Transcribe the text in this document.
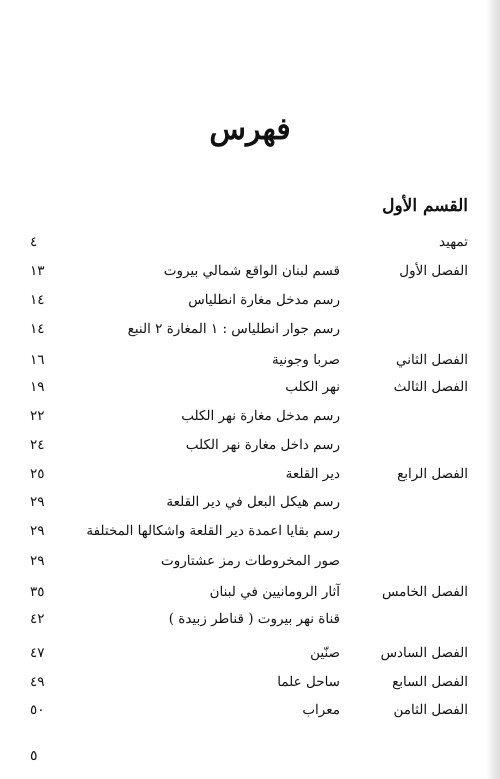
فهرس
القسم الأول
تمهيد
٤
الفصل الأول
قسم لبنان الواقع شمالي بيروت
١٣
رسم مدخل مغارة انطلياس
١٤
رسم جوار انطلياس : ١ المغارة ٢ النبع
١٤
الفصل الثاني
صربا وجونية
١٦
الفصل الثالث
نهر الكلب
١٩
رسم مدخل مغارة نهر الكلب
٢٢
رسم داخل مغارة نهر الكلب
٢٤
الفصل الرابع
دير القلعة
٢٥
رسم هيكل البعل في دير القلعة
٢٩
رسم بقايا اعمدة دير القلعة واشكالها المختلفة
٢٩
صور المخروطات رمز عشتاروت
٢٩
الفصل الخامس
آثار الرومانيين في لبنان
٣٥
قناة نهر بيروت ( قناطر زبيدة )
٤٢
الفصل السادس
صنّين
٤٧
الفصل السابع
ساحل علما
٤٩
الفصل الثامن
معراب
٥٠
٥
